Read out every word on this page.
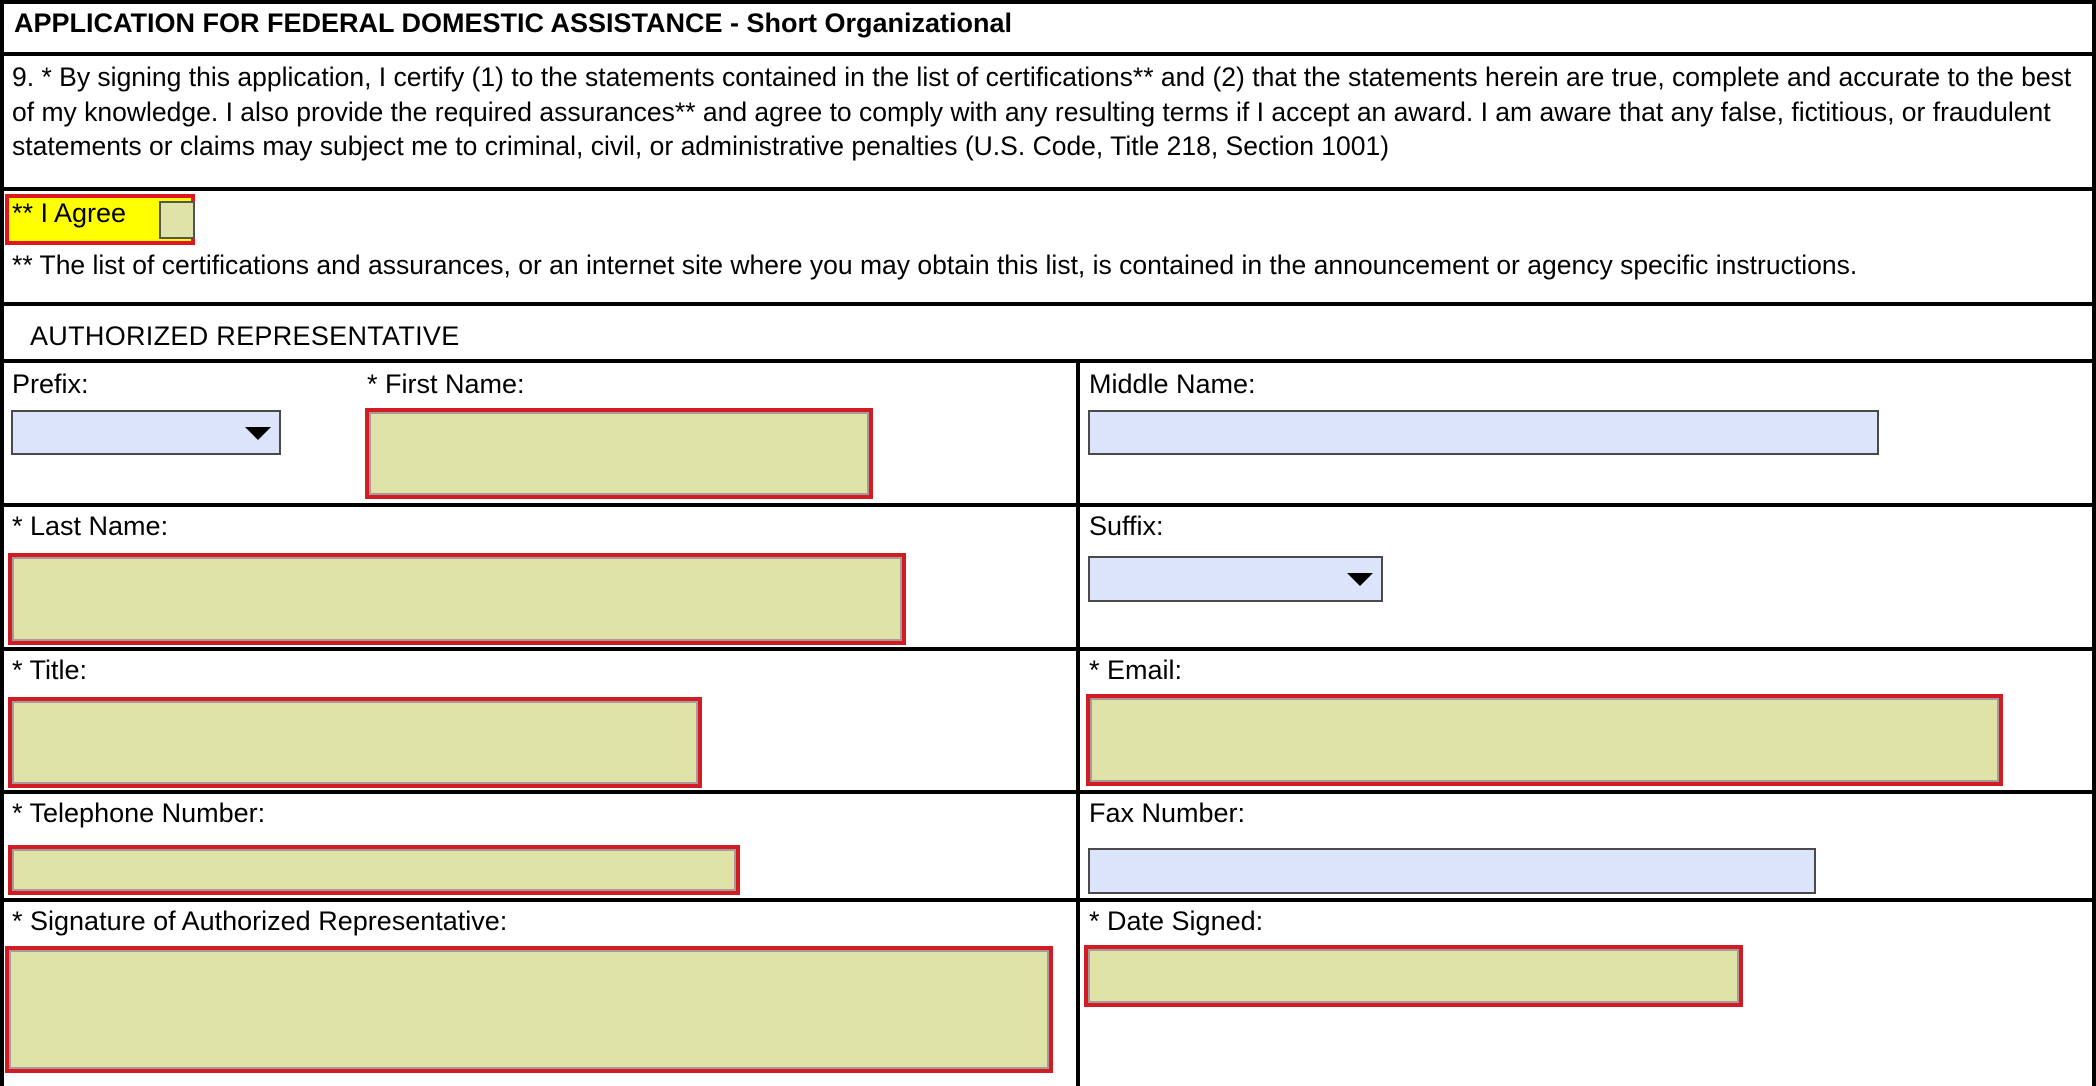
APPLICATION FOR FEDERAL DOMESTIC ASSISTANCE - Short Organizational
9. * By signing this application, I certify (1) to the statements contained in the list of certifications** and (2) that the statements herein are true, complete and accurate to the best of my knowledge. I also provide the required assurances** and agree to comply with any resulting terms if I accept an award. I am aware that any false, fictitious, or fraudulent statements or claims may subject me to criminal, civil, or administrative penalties (U.S. Code, Title 218, Section 1001)
** I Agree
** The list of certifications and assurances, or an internet site where you may obtain this list, is contained in the announcement or agency specific instructions.
AUTHORIZED REPRESENTATIVE
Prefix:	* First Name:	Middle Name:
* Last Name:	Suffix:
* Title:	* Email:
* Telephone Number:	Fax Number:
* Signature of Authorized Representative:	* Date Signed:
